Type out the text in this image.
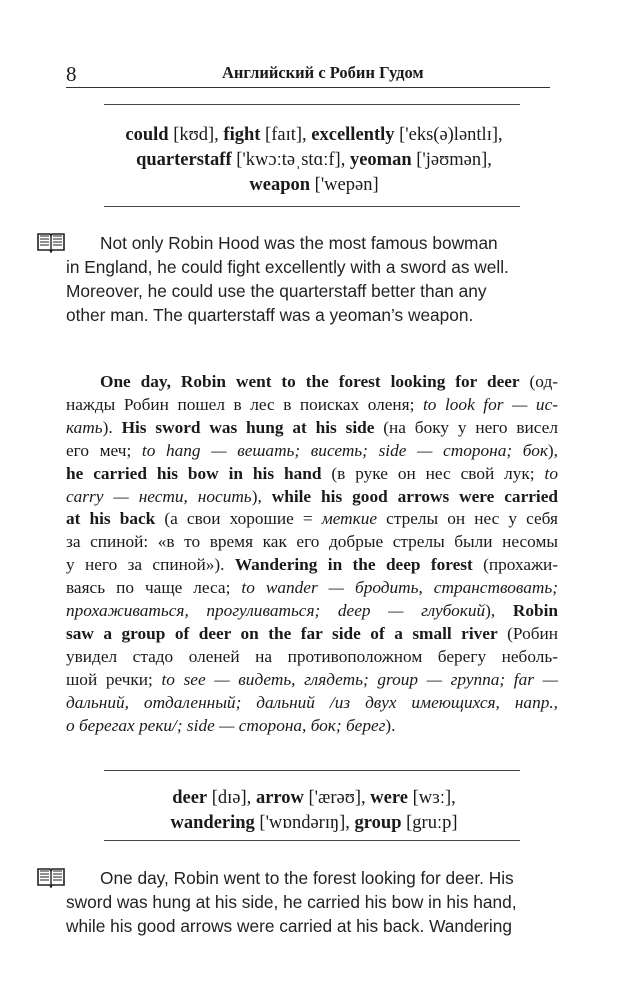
8	Английский с Робин Гудом
could [kʊd], fight [faɪt], excellently ['eks(ə)ləntlɪ],
quarterstaff ['kwɔːtəˌstɑːf], yeoman ['jəʊmən],
weapon ['wepən]
Not only Robin Hood was the most famous bowman
in England, he could fight excellently with a sword as well.
Moreover, he could use the quarterstaff better than any
other man. The quarterstaff was a yeoman’s weapon.
One day, Robin went to the forest looking for deer (од-
нажды Робин пошел в лес в поисках оленя; to look for — ис-
кать). His sword was hung at his side (на боку у него висел
его меч; to hang — вешать; висеть; side — сторона; бок),
he carried his bow in his hand (в руке он нес свой лук; to
carry — нести, носить), while his good arrows were carried
at his back (а свои хорошие = меткие стрелы он нес у себя
за спиной: «в то время как его добрые стрелы были несомы
у него за спиной»). Wandering in the deep forest (прохажи-
ваясь по чаще леса; to wander — бродить, странствовать;
прохаживаться, прогуливаться; deep — глубокий), Robin
saw a group of deer on the far side of a small river (Робин
увидел стадо оленей на противоположном берегу неболь-
шой речки; to see — видеть, глядеть; group — группа; far —
дальний, отдаленный; дальний /из двух имеющихся, напр.,
о берегах реки/; side — сторона, бок; берег).
deer [dɪə], arrow ['ærəʊ], were [wɜː],
wandering ['wɒndərɪŋ], group [gruːp]
One day, Robin went to the forest looking for deer. His
sword was hung at his side, he carried his bow in his hand,
while his good arrows were carried at his back. Wandering
